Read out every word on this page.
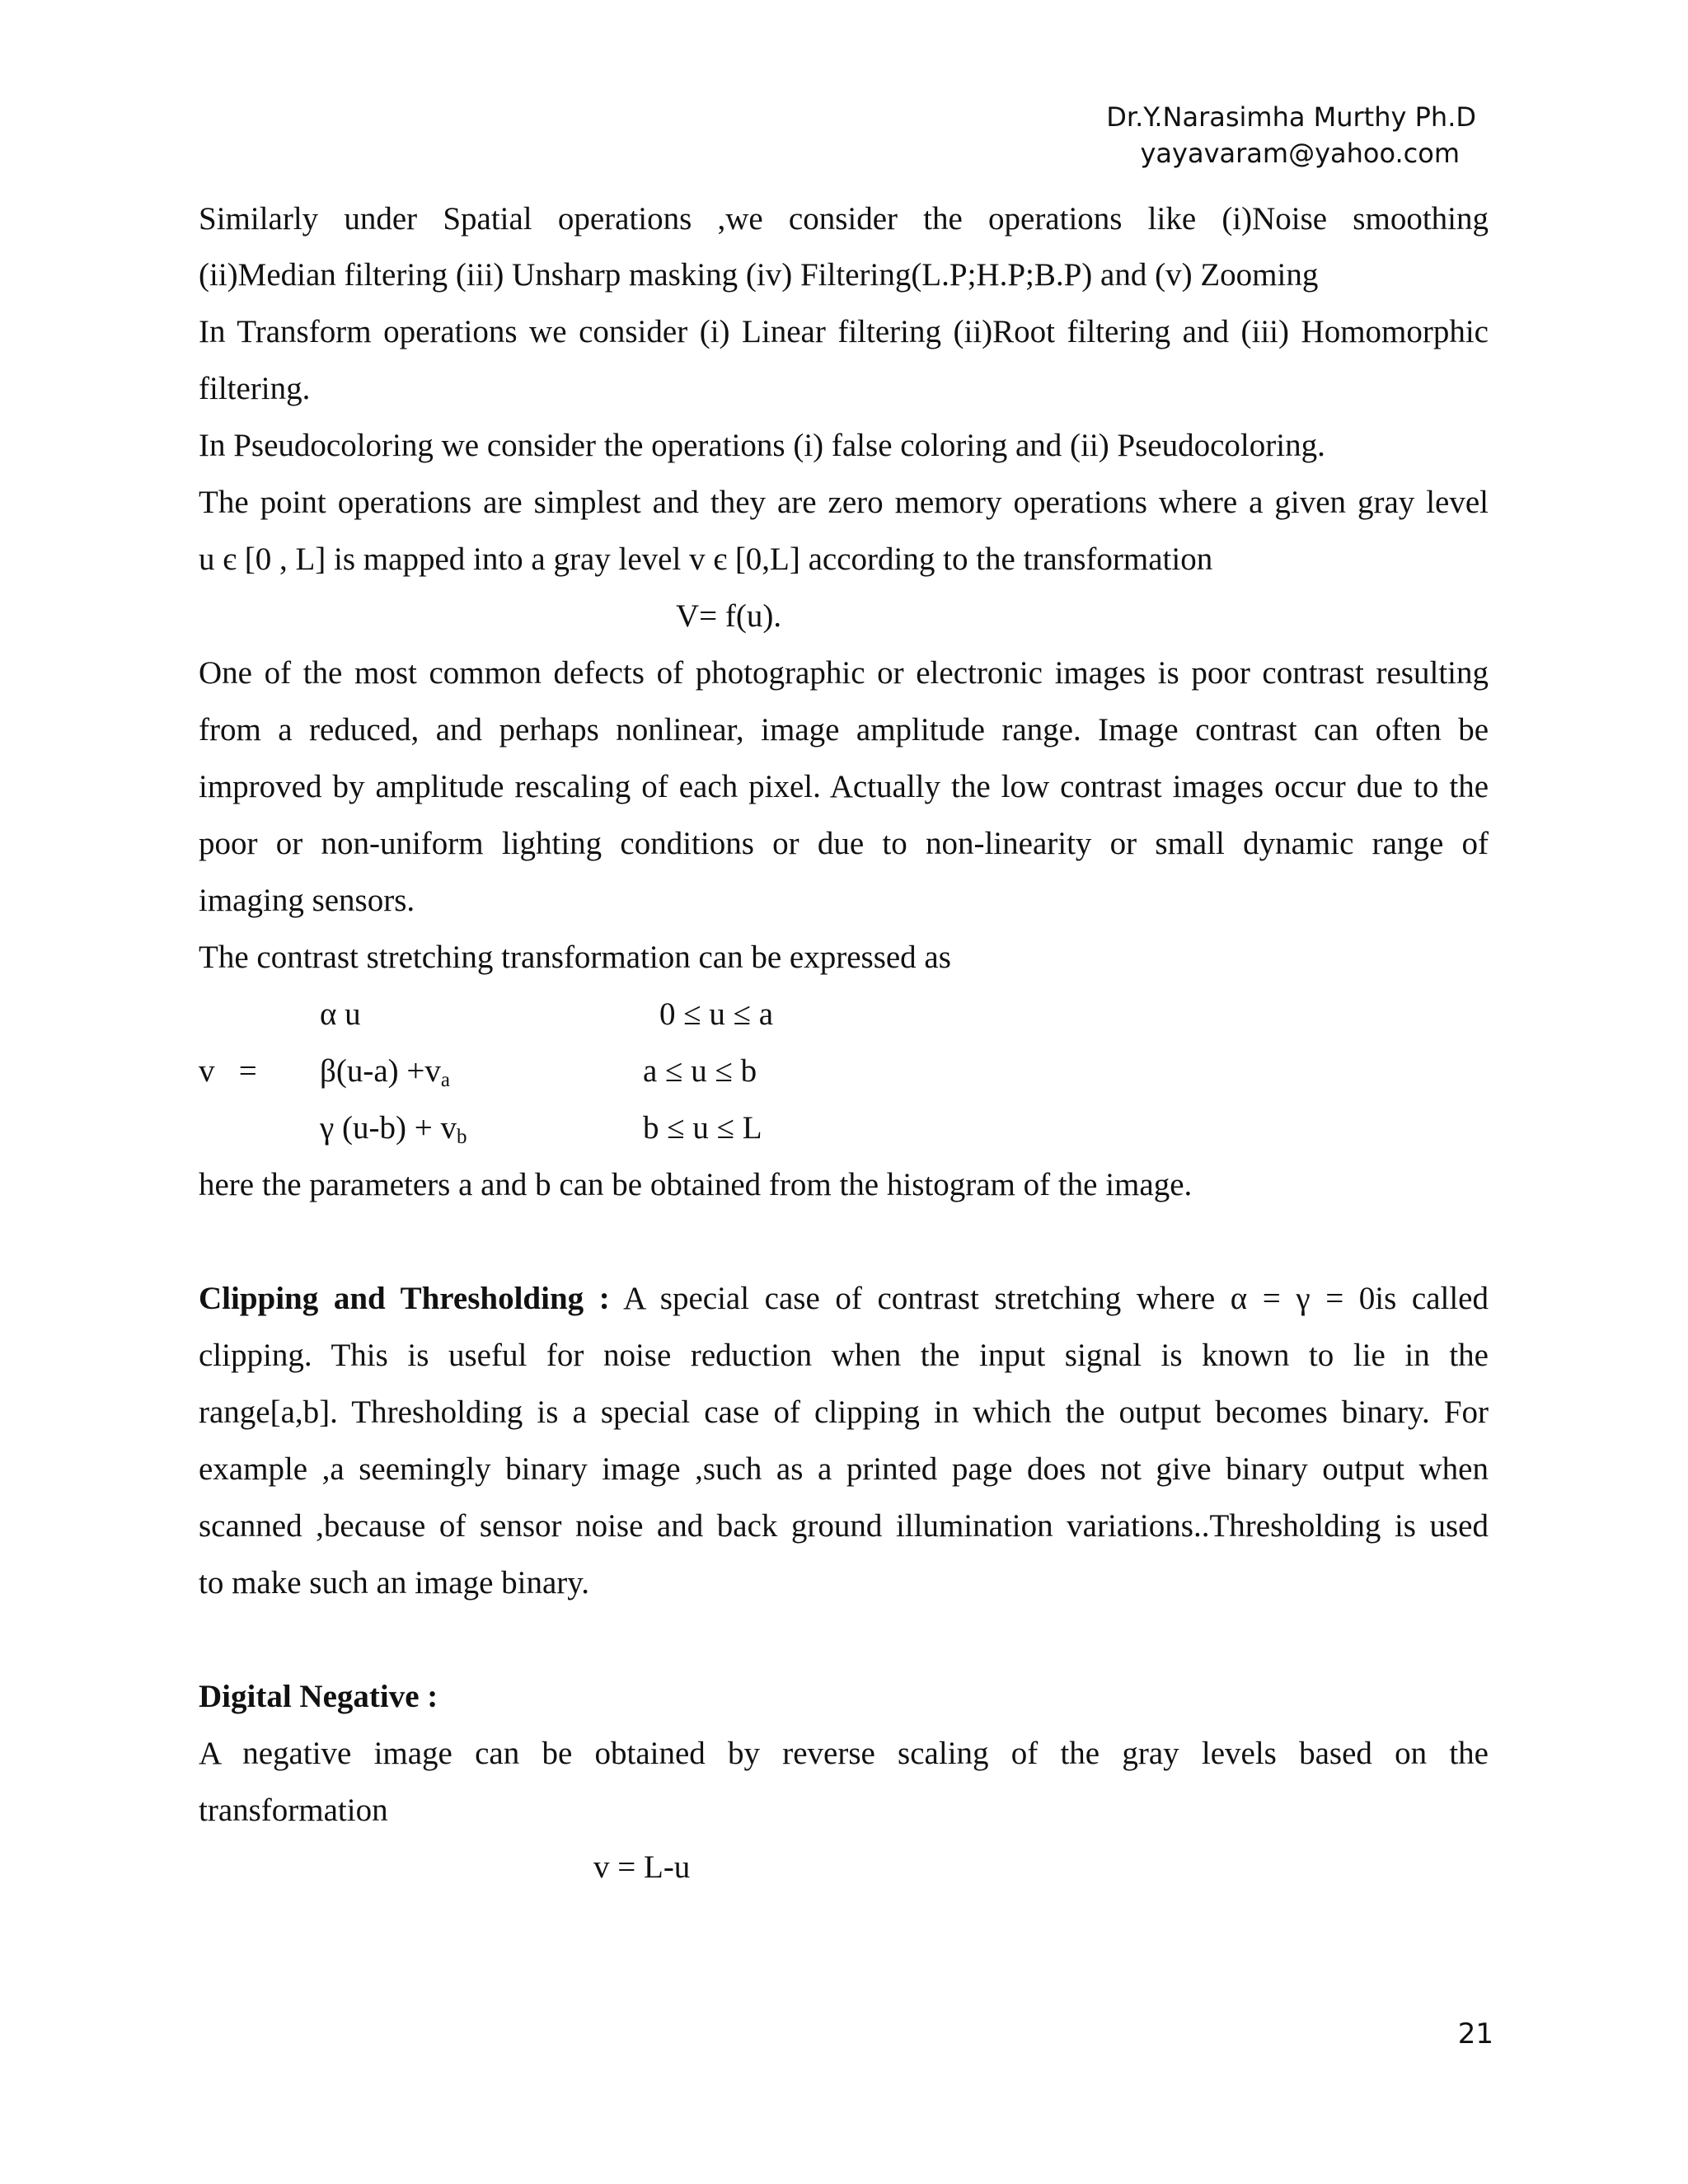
Dr.Y.Narasimha Murthy Ph.D
yayavaram@yahoo.com
Similarly under Spatial operations ,we consider the operations like (i)Noise smoothing
(ii)Median filtering (iii) Unsharp masking (iv) Filtering(L.P;H.P;B.P) and (v) Zooming
In Transform operations we consider (i) Linear filtering (ii)Root filtering and (iii) Homomorphic
filtering.
In Pseudocoloring we consider the operations (i) false coloring and (ii) Pseudocoloring.
The point operations are simplest and they are zero memory operations where a given gray level
u є [0 , L] is mapped into a gray level v є [0,L] according to the transformation
V= f(u).
One of the most common defects of photographic or electronic images is poor contrast resulting
from a reduced, and perhaps nonlinear, image amplitude range. Image contrast can often be
improved by amplitude rescaling of each pixel. Actually the low contrast images occur due to the
poor or non-uniform lighting conditions or due to non-linearity or small dynamic range of
imaging sensors.
The contrast stretching transformation can be expressed as
v   =
α u	0 ≤ u ≤ a
$\beta(u-a) +v_a$	a ≤ u ≤ b
γ $(u-b) + v_b$	b ≤ u ≤ L
here the parameters a and b can be obtained from the histogram of the image.
Clipping and Thresholding : A special case of contrast stretching where α = γ = 0is called
clipping. This is useful for noise reduction when the input signal is known to lie in the
range[a,b]. Thresholding is a special case of clipping in which the output becomes binary. For
example ,a seemingly binary image ,such as a printed page does not give binary output when
scanned ,because of sensor noise and back ground illumination variations..Thresholding is used
to make such an image binary.
Digital Negative :
A negative image can be obtained by reverse scaling of the gray levels based on the
transformation
v = L-u
21
